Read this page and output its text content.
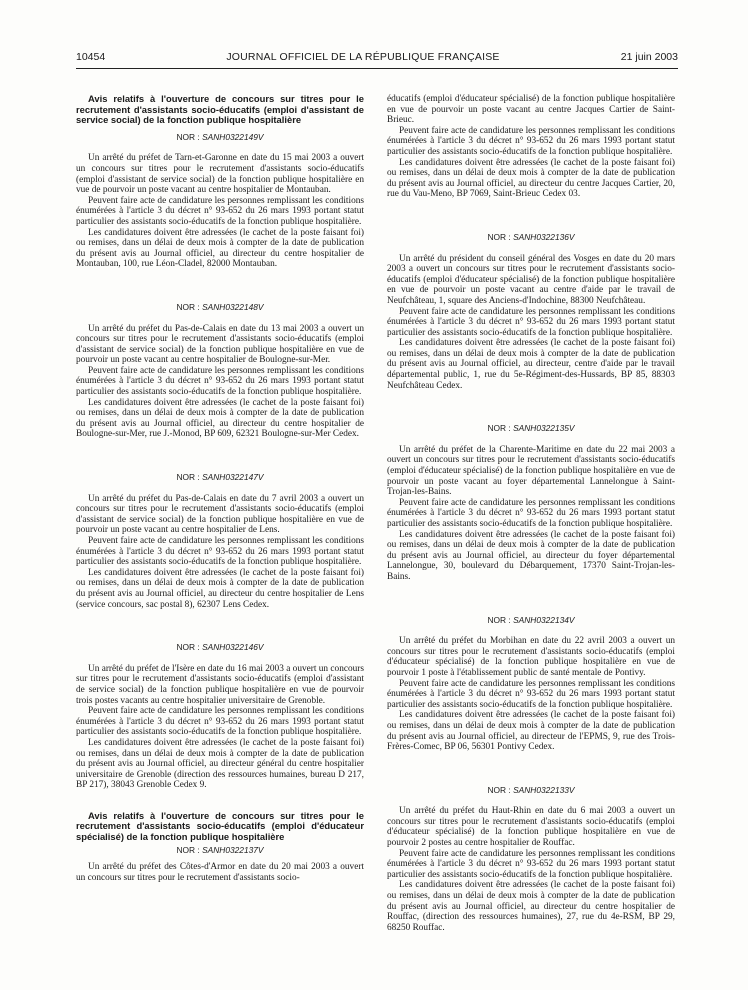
10454	JOURNAL OFFICIEL DE LA RÉPUBLIQUE FRANÇAISE	21 juin 2003

Avis relatifs à l'ouverture de concours sur titres pour le recrutement d'assistants socio-éducatifs (emploi d'assistant de service social) de la fonction publique hospitalière

NOR : SANH0322149V

Un arrêté du préfet de Tarn-et-Garonne en date du 15 mai 2003 a ouvert un concours sur titres pour le recrutement d'assistants socio-éducatifs (emploi d'assistant de service social) de la fonction publique hospitalière en vue de pourvoir un poste vacant au centre hospitalier de Montauban.

Peuvent faire acte de candidature les personnes remplissant les conditions énumérées à l'article 3 du décret n° 93-652 du 26 mars 1993 portant statut particulier des assistants socio-éducatifs de la fonction publique hospitalière.

Les candidatures doivent être adressées (le cachet de la poste faisant foi) ou remises, dans un délai de deux mois à compter de la date de publication du présent avis au Journal officiel, au directeur du centre hospitalier de Montauban, 100, rue Léon-Cladel, 82000 Montauban.

NOR : SANH0322148V

Un arrêté du préfet du Pas-de-Calais en date du 13 mai 2003 a ouvert un concours sur titres pour le recrutement d'assistants socio-éducatifs (emploi d'assistant de service social) de la fonction publique hospitalière en vue de pourvoir un poste vacant au centre hospitalier de Boulogne-sur-Mer.

Peuvent faire acte de candidature les personnes remplissant les conditions énumérées à l'article 3 du décret n° 93-652 du 26 mars 1993 portant statut particulier des assistants socio-éducatifs de la fonction publique hospitalière.

Les candidatures doivent être adressées (le cachet de la poste faisant foi) ou remises, dans un délai de deux mois à compter de la date de publication du présent avis au Journal officiel, au directeur du centre hospitalier de Boulogne-sur-Mer, rue J.-Monod, BP 609, 62321 Boulogne-sur-Mer Cedex.

NOR : SANH0322147V

Un arrêté du préfet du Pas-de-Calais en date du 7 avril 2003 a ouvert un concours sur titres pour le recrutement d'assistants socio-éducatifs (emploi d'assistant de service social) de la fonction publique hospitalière en vue de pourvoir un poste vacant au centre hospitalier de Lens.

Peuvent faire acte de candidature les personnes remplissant les conditions énumérées à l'article 3 du décret n° 93-652 du 26 mars 1993 portant statut particulier des assistants socio-éducatifs de la fonction publique hospitalière.

Les candidatures doivent être adressées (le cachet de la poste faisant foi) ou remises, dans un délai de deux mois à compter de la date de publication du présent avis au Journal officiel, au directeur du centre hospitalier de Lens (service concours, sac postal 8), 62307 Lens Cedex.

NOR : SANH0322146V

Un arrêté du préfet de l'Isère en date du 16 mai 2003 a ouvert un concours sur titres pour le recrutement d'assistants socio-éducatifs (emploi d'assistant de service social) de la fonction publique hospitalière en vue de pourvoir trois postes vacants au centre hospitalier universitaire de Grenoble.

Peuvent faire acte de candidature les personnes remplissant les conditions énumérées à l'article 3 du décret n° 93-652 du 26 mars 1993 portant statut particulier des assistants socio-éducatifs de la fonction publique hospitalière.

Les candidatures doivent être adressées (le cachet de la poste faisant foi) ou remises, dans un délai de deux mois à compter de la date de publication du présent avis au Journal officiel, au directeur général du centre hospitalier universitaire de Grenoble (direction des ressources humaines, bureau D 217, BP 217), 38043 Grenoble Cedex 9.

Avis relatifs à l'ouverture de concours sur titres pour le recrutement d'assistants socio-éducatifs (emploi d'éducateur spécialisé) de la fonction publique hospitalière

NOR : SANH0322137V

Un arrêté du préfet des Côtes-d'Armor en date du 20 mai 2003 a ouvert un concours sur titres pour le recrutement d'assistants socio-

éducatifs (emploi d'éducateur spécialisé) de la fonction publique hospitalière en vue de pourvoir un poste vacant au centre Jacques Cartier de Saint-Brieuc.

Peuvent faire acte de candidature les personnes remplissant les conditions énumérées à l'article 3 du décret n° 93-652 du 26 mars 1993 portant statut particulier des assistants socio-éducatifs de la fonction publique hospitalière.

Les candidatures doivent être adressées (le cachet de la poste faisant foi) ou remises, dans un délai de deux mois à compter de la date de publication du présent avis au Journal officiel, au directeur du centre Jacques Cartier, 20, rue du Vau-Meno, BP 7069, Saint-Brieuc Cedex 03.

NOR : SANH0322136V

Un arrêté du président du conseil général des Vosges en date du 20 mars 2003 a ouvert un concours sur titres pour le recrutement d'assistants socio-éducatifs (emploi d'éducateur spécialisé) de la fonction publique hospitalière en vue de pourvoir un poste vacant au centre d'aide par le travail de Neufchâteau, 1, square des Anciens-d'Indochine, 88300 Neufchâteau.

Peuvent faire acte de candidature les personnes remplissant les conditions énumérées à l'article 3 du décret n° 93-652 du 26 mars 1993 portant statut particulier des assistants socio-éducatifs de la fonction publique hospitalière.

Les candidatures doivent être adressées (le cachet de la poste faisant foi) ou remises, dans un délai de deux mois à compter de la date de publication du présent avis au Journal officiel, au directeur, centre d'aide par le travail départemental public, 1, rue du 5e-Régiment-des-Hussards, BP 85, 88303 Neufchâteau Cedex.

NOR : SANH0322135V

Un arrêté du préfet de la Charente-Maritime en date du 22 mai 2003 a ouvert un concours sur titres pour le recrutement d'assistants socio-éducatifs (emploi d'éducateur spécialisé) de la fonction publique hospitalière en vue de pourvoir un poste vacant au foyer départemental Lannelongue à Saint-Trojan-les-Bains.

Peuvent faire acte de candidature les personnes remplissant les conditions énumérées à l'article 3 du décret n° 93-652 du 26 mars 1993 portant statut particulier des assistants socio-éducatifs de la fonction publique hospitalière.

Les candidatures doivent être adressées (le cachet de la poste faisant foi) ou remises, dans un délai de deux mois à compter de la date de publication du présent avis au Journal officiel, au directeur du foyer départemental Lannelongue, 30, boulevard du Débarquement, 17370 Saint-Trojan-les-Bains.

NOR : SANH0322134V

Un arrêté du préfet du Morbihan en date du 22 avril 2003 a ouvert un concours sur titres pour le recrutement d'assistants socio-éducatifs (emploi d'éducateur spécialisé) de la fonction publique hospitalière en vue de pourvoir 1 poste à l'établissement public de santé mentale de Pontivy.

Peuvent faire acte de candidature les personnes remplissant les conditions énumérées à l'article 3 du décret n° 93-652 du 26 mars 1993 portant statut particulier des assistants socio-éducatifs de la fonction publique hospitalière.

Les candidatures doivent être adressées (le cachet de la poste faisant foi) ou remises, dans un délai de deux mois à compter de la date de publication du présent avis au Journal officiel, au directeur de l'EPMS, 9, rue des Trois-Frères-Comec, BP 06, 56301 Pontivy Cedex.

NOR : SANH0322133V

Un arrêté du préfet du Haut-Rhin en date du 6 mai 2003 a ouvert un concours sur titres pour le recrutement d'assistants socio-éducatifs (emploi d'éducateur spécialisé) de la fonction publique hospitalière en vue de pourvoir 2 postes au centre hospitalier de Rouffac.

Peuvent faire acte de candidature les personnes remplissant les conditions énumérées à l'article 3 du décret n° 93-652 du 26 mars 1993 portant statut particulier des assistants socio-éducatifs de la fonction publique hospitalière.

Les candidatures doivent être adressées (le cachet de la poste faisant foi) ou remises, dans un délai de deux mois à compter de la date de publication du présent avis au Journal officiel, au directeur du centre hospitalier de Rouffac, (direction des ressources humaines), 27, rue du 4e-RSM, BP 29, 68250 Rouffac.
